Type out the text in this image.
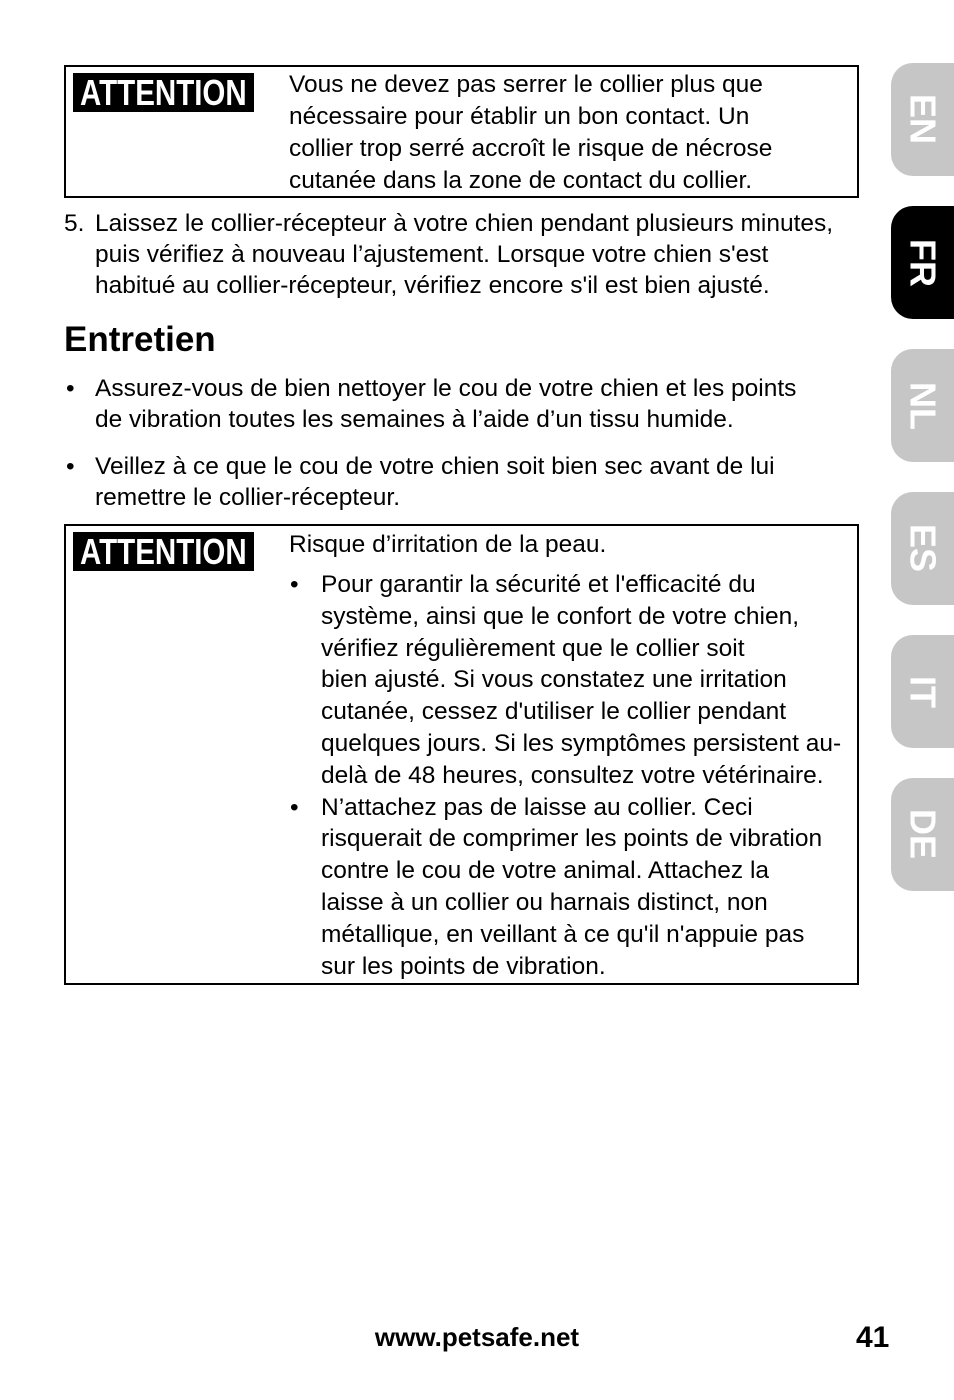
ATTENTION Vous ne devez pas serrer le collier plus que
nécessaire pour établir un bon contact. Un
collier trop serré accroît le risque de nécrose
cutanée dans la zone de contact du collier.
5. Laissez le collier-récepteur à votre chien pendant plusieurs minutes,
puis vérifiez à nouveau l’ajustement. Lorsque votre chien s'est
habitué au collier-récepteur, vérifiez encore s'il est bien ajusté.
Entretien
• Assurez-vous de bien nettoyer le cou de votre chien et les points
de vibration toutes les semaines à l’aide d’un tissu humide.
• Veillez à ce que le cou de votre chien soit bien sec avant de lui
remettre le collier-récepteur.
ATTENTION Risque d’irritation de la peau.
• Pour garantir la sécurité et l'efficacité du
système, ainsi que le confort de votre chien,
vérifiez régulièrement que le collier soit
bien ajusté. Si vous constatez une irritation
cutanée, cessez d'utiliser le collier pendant
quelques jours. Si les symptômes persistent au-
delà de 48 heures, consultez votre vétérinaire.
• N’attachez pas de laisse au collier. Ceci
risquerait de comprimer les points de vibration
contre le cou de votre animal. Attachez la
laisse à un collier ou harnais distinct, non
métallique, en veillant à ce qu'il n'appuie pas
sur les points de vibration.
www.petsafe.net	41
EN
FR
NL
ES
IT
DE
